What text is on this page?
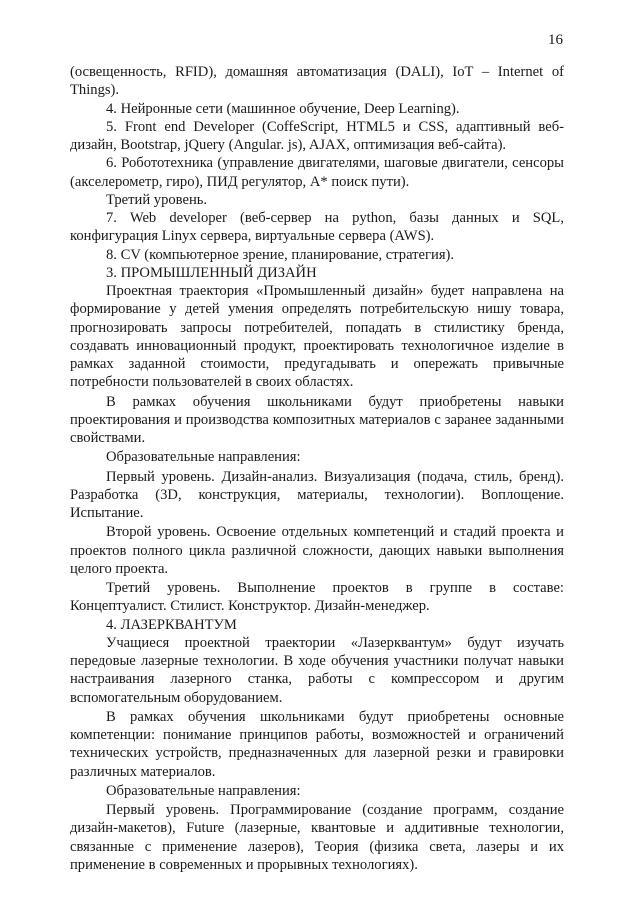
16

(освещенность, RFID), домашняя автоматизация (DALI), IoT – Internet of Things).

4. Нейронные сети (машинное обучение, Deep Learning).

5. Front end Developer (CoffeScript, HTML5 и CSS, адаптивный веб-дизайн, Bootstrap, jQuery (Angular. js), AJAX, оптимизация веб-сайта).

6. Робототехника (управление двигателями, шаговые двигатели, сенсоры (акселерометр, гиро), ПИД регулятор, A* поиск пути).

Третий уровень.

7. Web developer (веб-сервер на python, базы данных и SQL, конфигурация Linyx сервера, виртуальные сервера (AWS).

8. CV (компьютерное зрение, планирование, стратегия).

3. ПРОМЫШЛЕННЫЙ ДИЗАЙН

Проектная траектория «Промышленный дизайн» будет направлена на формирование у детей умения определять потребительскую нишу товара, прогнозировать запросы потребителей, попадать в стилистику бренда, создавать инновационный продукт, проектировать технологичное изделие в рамках заданной стоимости, предугадывать и опережать привычные потребности пользователей в своих областях.

В рамках обучения школьниками будут приобретены навыки проектирования и производства композитных материалов с заранее заданными свойствами.

Образовательные направления:

Первый уровень. Дизайн-анализ. Визуализация (подача, стиль, бренд). Разработка (3D, конструкция, материалы, технологии). Воплощение. Испытание.

Второй уровень. Освоение отдельных компетенций и стадий проекта и проектов полного цикла различной сложности, дающих навыки выполнения целого проекта.

Третий уровень. Выполнение проектов в группе в составе: Концептуалист. Стилист. Конструктор. Дизайн-менеджер.

4. ЛАЗЕРКВАНТУМ

Учащиеся проектной траектории «Лазерквантум» будут изучать передовые лазерные технологии. В ходе обучения участники получат навыки настраивания лазерного станка, работы с компрессором и другим вспомогательным оборудованием.

В рамках обучения школьниками будут приобретены основные компетенции: понимание принципов работы, возможностей и ограничений технических устройств, предназначенных для лазерной резки и гравировки различных материалов.

Образовательные направления:

Первый уровень. Программирование (создание программ, создание дизайн-макетов), Future (лазерные, квантовые и аддитивные технологии, связанные с применение лазеров), Теория (физика света, лазеры и их применение в современных и прорывных технологиях).
